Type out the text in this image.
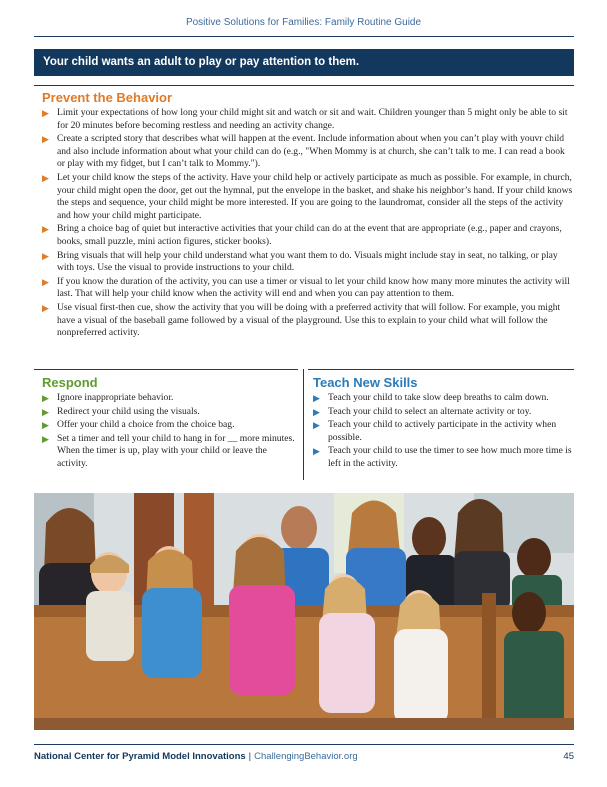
Positive Solutions for Families: Family Routine Guide
Your child wants an adult to play or pay attention to them.
Prevent the Behavior
▶ Limit your expectations of how long your child might sit and watch or sit and wait. Children younger than 5 might only be able to sit for 20 minutes before becoming restless and needing an activity change.
▶ Create a scripted story that describes what will happen at the event. Include information about when you can’t play with youvr child and also include information about what your child can do (e.g., "When Mommy is at church, she can’t talk to me. I can read a book or play with my fidget, but I can’t talk to Mommy.").
▶ Let your child know the steps of the activity. Have your child help or actively participate as much as possible. For example, in church, your child might open the door, get out the hymnal, put the envelope in the basket, and shake his neighbor’s hand. If your child knows the steps and sequence, your child might be more interested. If you are going to the laundromat, consider all the steps of the activity and how your child might participate.
▶ Bring a choice bag of quiet but interactive activities that your child can do at the event that are appropriate (e.g., paper and crayons, books, small puzzle, mini action figures, sticker books).
▶ Bring visuals that will help your child understand what you want them to do. Visuals might include stay in seat, no talking, or play with toys. Use the visual to provide instructions to your child.
▶ If you know the duration of the activity, you can use a timer or visual to let your child know how many more minutes the activity will last. That will help your child know when the activity will end and when you can pay attention to them.
▶ Use visual first-then cue, show the activity that you will be doing with a preferred activity that will follow. For example, you might have a visual of the baseball game followed by a visual of the playground. Use this to explain to your child what will follow the nonpreferred activity.
Respond
▶ Ignore inappropriate behavior.
▶ Redirect your child using the visuals.
▶ Offer your child a choice from the choice bag.
▶ Set a timer and tell your child to hang in for __ more minutes. When the timer is up, play with your child or leave the activity.
Teach New Skills
▶ Teach your child to take slow deep breaths to calm down.
▶ Teach your child to select an alternate activity or toy.
▶ Teach your child to actively participate in the activity when possible.
▶ Teach your child to use the timer to see how much more time is left in the activity.
National Center for Pyramid Model Innovations | ChallengingBehavior.org	45
